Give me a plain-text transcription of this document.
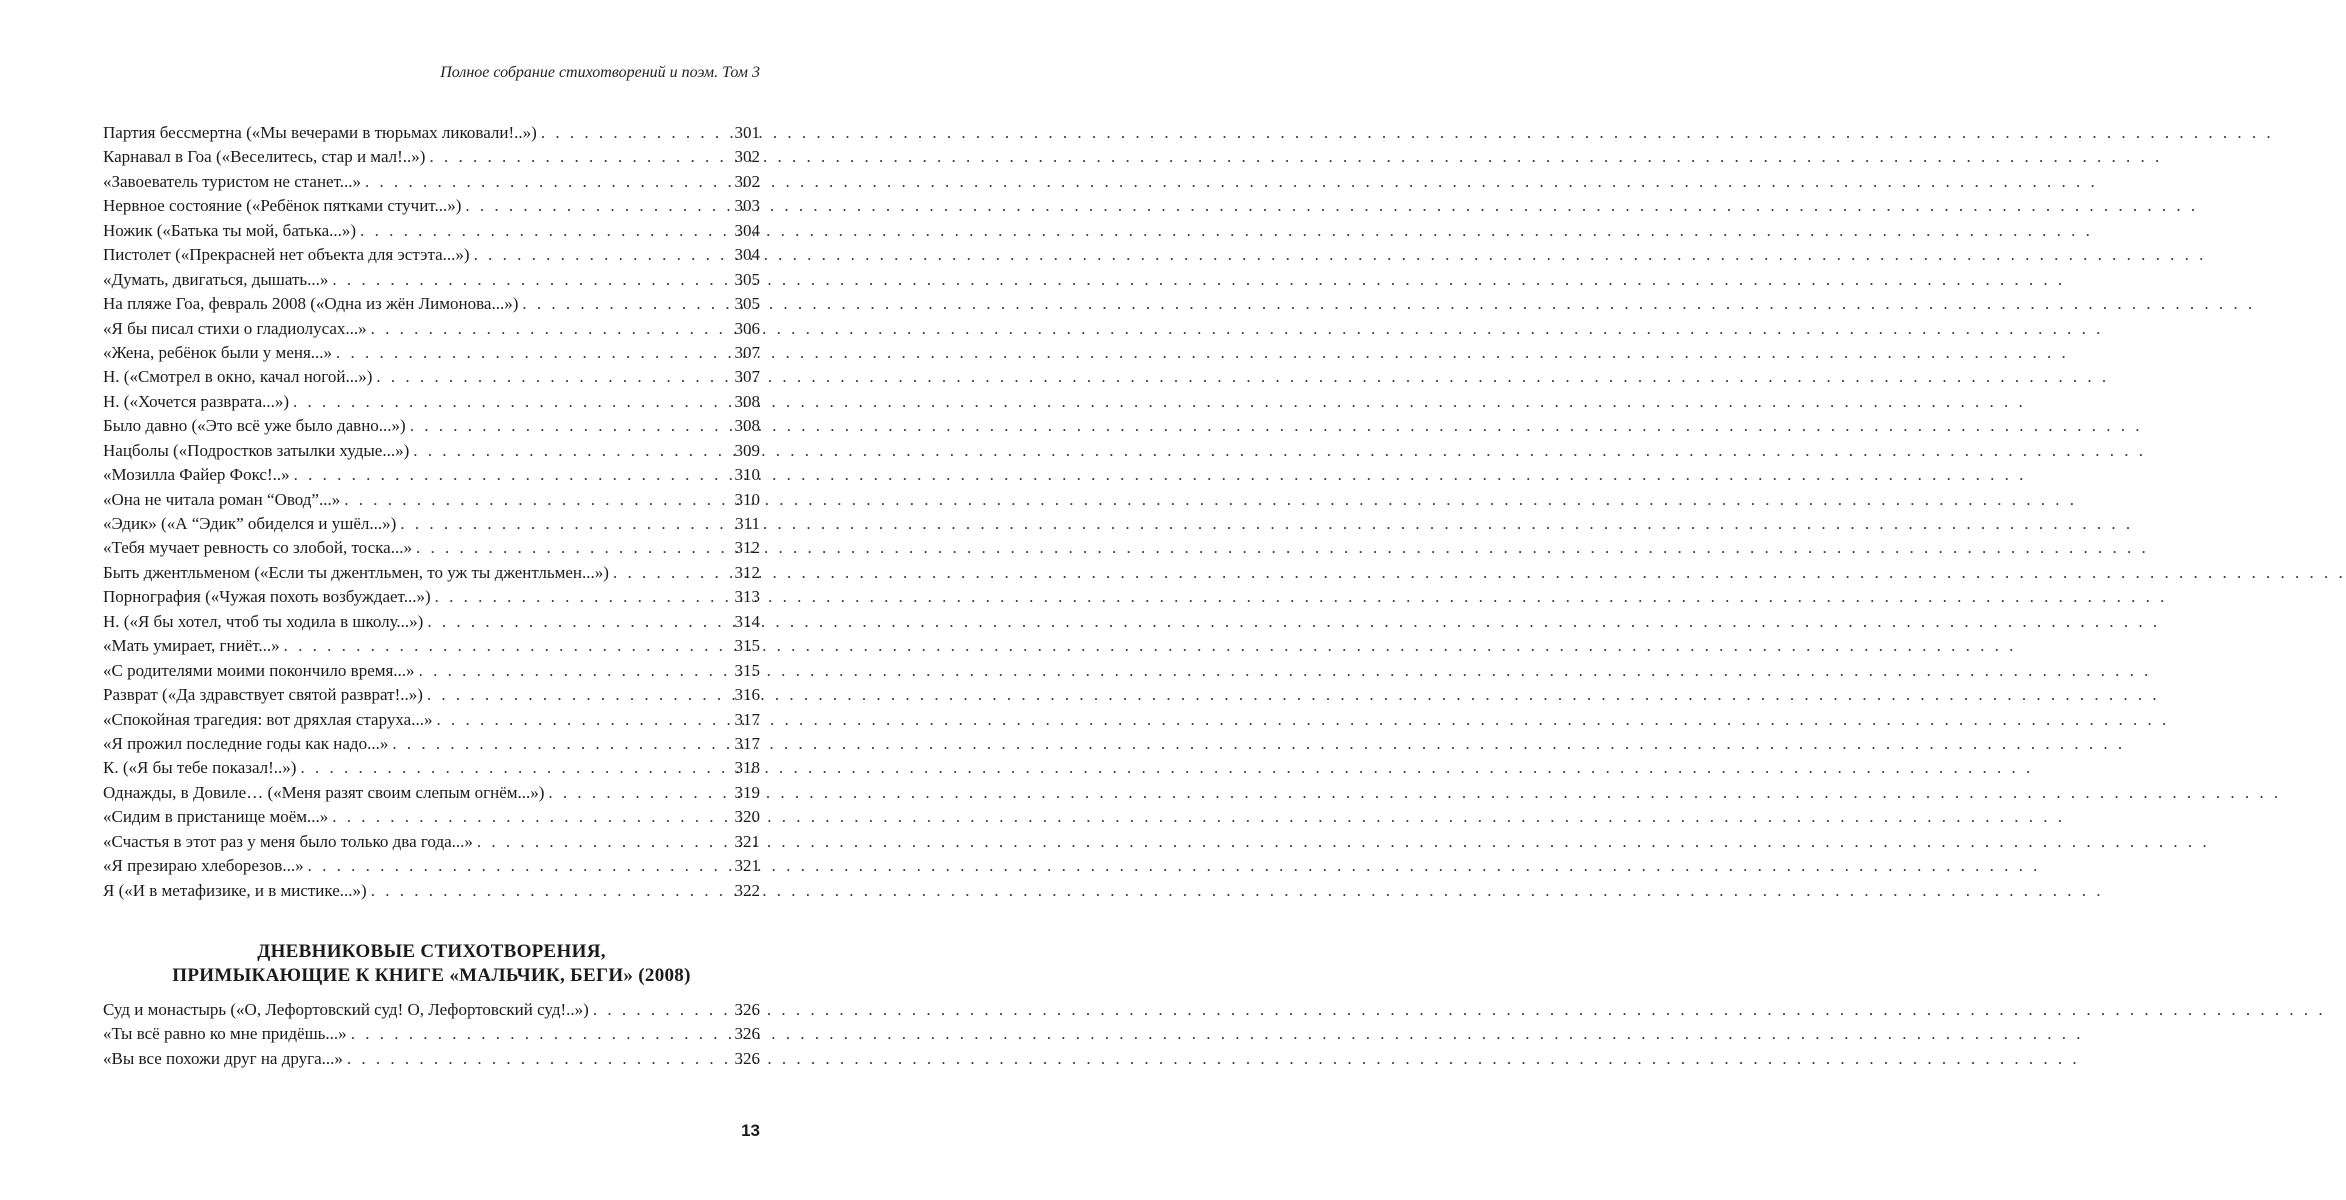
Полное собрание стихотворений и поэм. Том 3
Партия бессмертна («Мы вечерами в тюрьмах ликовали!..») . . .	301
Карнавал в Гоа («Веселитесь, стар и мал!..») . . .	302
«Завоеватель туристом не станет...» . . .	302
Нервное состояние («Ребёнок пятками стучит...») . . .	303
Ножик («Батька ты мой, батька...») . . .	304
Пистолет («Прекрасней нет объекта для эстэта...») . . .	304
«Думать, двигаться, дышать...» . . .	305
На пляже Гоа, февраль 2008 («Одна из жён Лимонова...») . . .	305
«Я бы писал стихи о гладиолусах...» . . .	306
«Жена, ребёнок были у меня...» . . .	307
Н. («Смотрел в окно, качал ногой...») . . .	307
Н. («Хочется разврата...») . . .	308
Было давно («Это всё уже было давно...») . . .	308
Нацболы («Подростков затылки худые...») . . .	309
«Мозилла Файер Фокс!..» . . .	310
«Она не читала роман “Овод”...» . . .	310
«Эдик» («А “Эдик” обиделся и ушёл...») . . .	311
«Тебя мучает ревность со злобой, тоска...» . . .	312
Быть джентльменом («Если ты джентльмен, то уж ты джентльмен...») . . .	312
Порнография («Чужая похоть возбуждает...») . . .	313
Н. («Я бы хотел, чтоб ты ходила в школу...») . . .	314
«Мать умирает, гниёт...» . . .	315
«С родителями моими покончило время...» . . .	315
Разврат («Да здравствует святой разврат!..») . . .	316
«Спокойная трагедия: вот дряхлая старуха...» . . .	317
«Я прожил последние годы как надо...» . . .	317
К. («Я бы тебе показал!..») . . .	318
Однажды, в Довиле… («Меня разят своим слепым огнём...») . . .	319
«Сидим в пристанище моём...» . . .	320
«Счастья в этот раз у меня было только два года...» . . .	321
«Я презираю хлеборезов...» . . .	321
Я («И в метафизике, и в мистике...») . . .	322
ДНЕВНИКОВЫЕ СТИХОТВОРЕНИЯ,
ПРИМЫКАЮЩИЕ К КНИГЕ «МАЛЬЧИК, БЕГИ» (2008)
Суд и монастырь («О, Лефортовский суд! О, Лефортовский суд!..») . . .	326
«Ты всё равно ко мне придёшь...» . . .	326
«Вы все похожи друг на друга...» . . .	326
13
